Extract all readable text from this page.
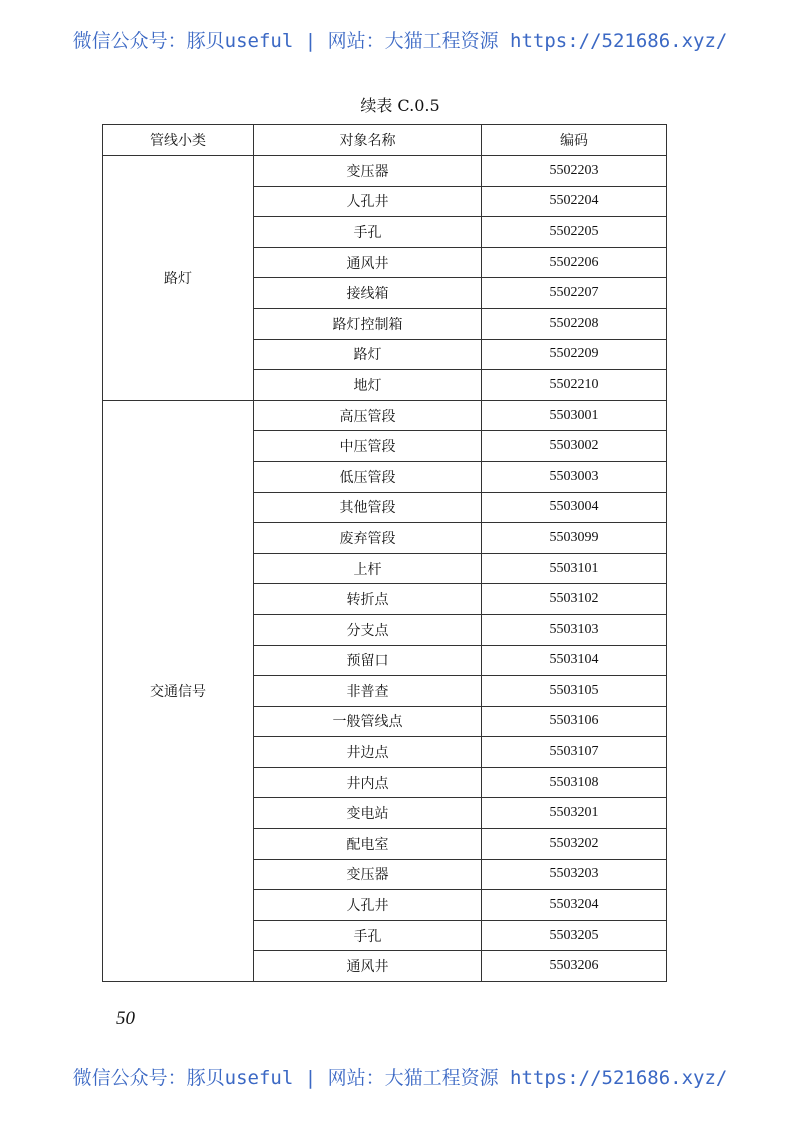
微信公众号：豚贝useful | 网站：大猫工程资源 https://521686.xyz/
续表 C.0.5
管线小类	对象名称	编码
路灯	变压器	5502203
	人孔井	5502204
	手孔	5502205
	通风井	5502206
	接线箱	5502207
	路灯控制箱	5502208
	路灯	5502209
	地灯	5502210
交通信号	高压管段	5503001
	中压管段	5503002
	低压管段	5503003
	其他管段	5503004
	废弃管段	5503099
	上杆	5503101
	转折点	5503102
	分支点	5503103
	预留口	5503104
	非普查	5503105
	一般管线点	5503106
	井边点	5503107
	井内点	5503108
	变电站	5503201
	配电室	5503202
	变压器	5503203
	人孔井	5503204
	手孔	5503205
	通风井	5503206
50
微信公众号：豚贝useful | 网站：大猫工程资源 https://521686.xyz/
